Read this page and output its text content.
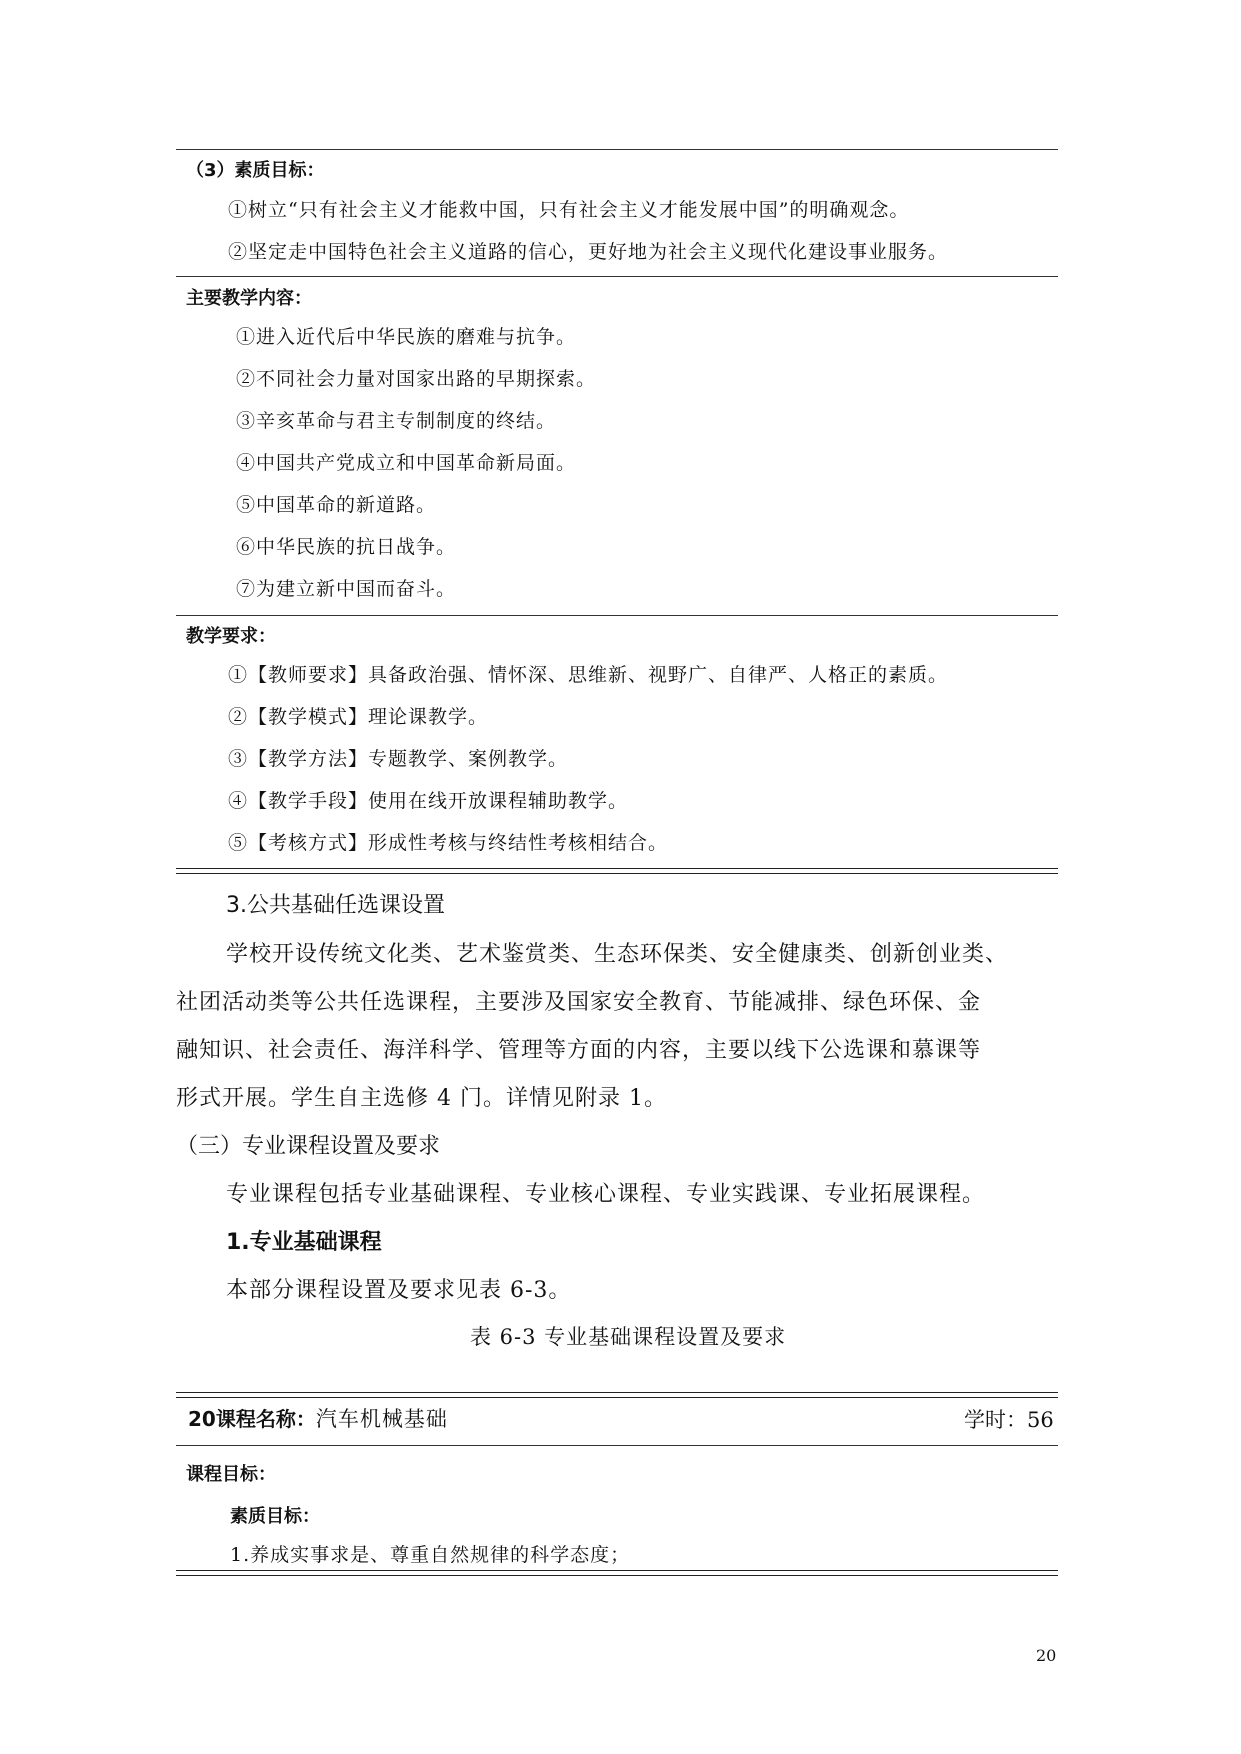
（3）素质目标：
①树立“只有社会主义才能救中国，只有社会主义才能发展中国”的明确观念。
②坚定走中国特色社会主义道路的信心，更好地为社会主义现代化建设事业服务。
主要教学内容：
①进入近代后中华民族的磨难与抗争。
②不同社会力量对国家出路的早期探索。
③辛亥革命与君主专制制度的终结。
④中国共产党成立和中国革命新局面。
⑤中国革命的新道路。
⑥中华民族的抗日战争。
⑦为建立新中国而奋斗。
教学要求：
①【教师要求】具备政治强、情怀深、思维新、视野广、自律严、人格正的素质。
②【教学模式】理论课教学。
③【教学方法】专题教学、案例教学。
④【教学手段】使用在线开放课程辅助教学。
⑤【考核方式】形成性考核与终结性考核相结合。
3.公共基础任选课设置
学校开设传统文化类、艺术鉴赏类、生态环保类、安全健康类、创新创业类、
社团活动类等公共任选课程，主要涉及国家安全教育、节能减排、绿色环保、金
融知识、社会责任、海洋科学、管理等方面的内容，主要以线下公选课和慕课等
形式开展。学生自主选修 4 门。详情见附录 1。
（三）专业课程设置及要求
专业课程包括专业基础课程、专业核心课程、专业实践课、专业拓展课程。
1.专业基础课程
本部分课程设置及要求见表 6-3。
表 6-3 专业基础课程设置及要求
20课程名称：汽车机械基础	学时：56
课程目标：
素质目标：
1.养成实事求是、尊重自然规律的科学态度；
20
